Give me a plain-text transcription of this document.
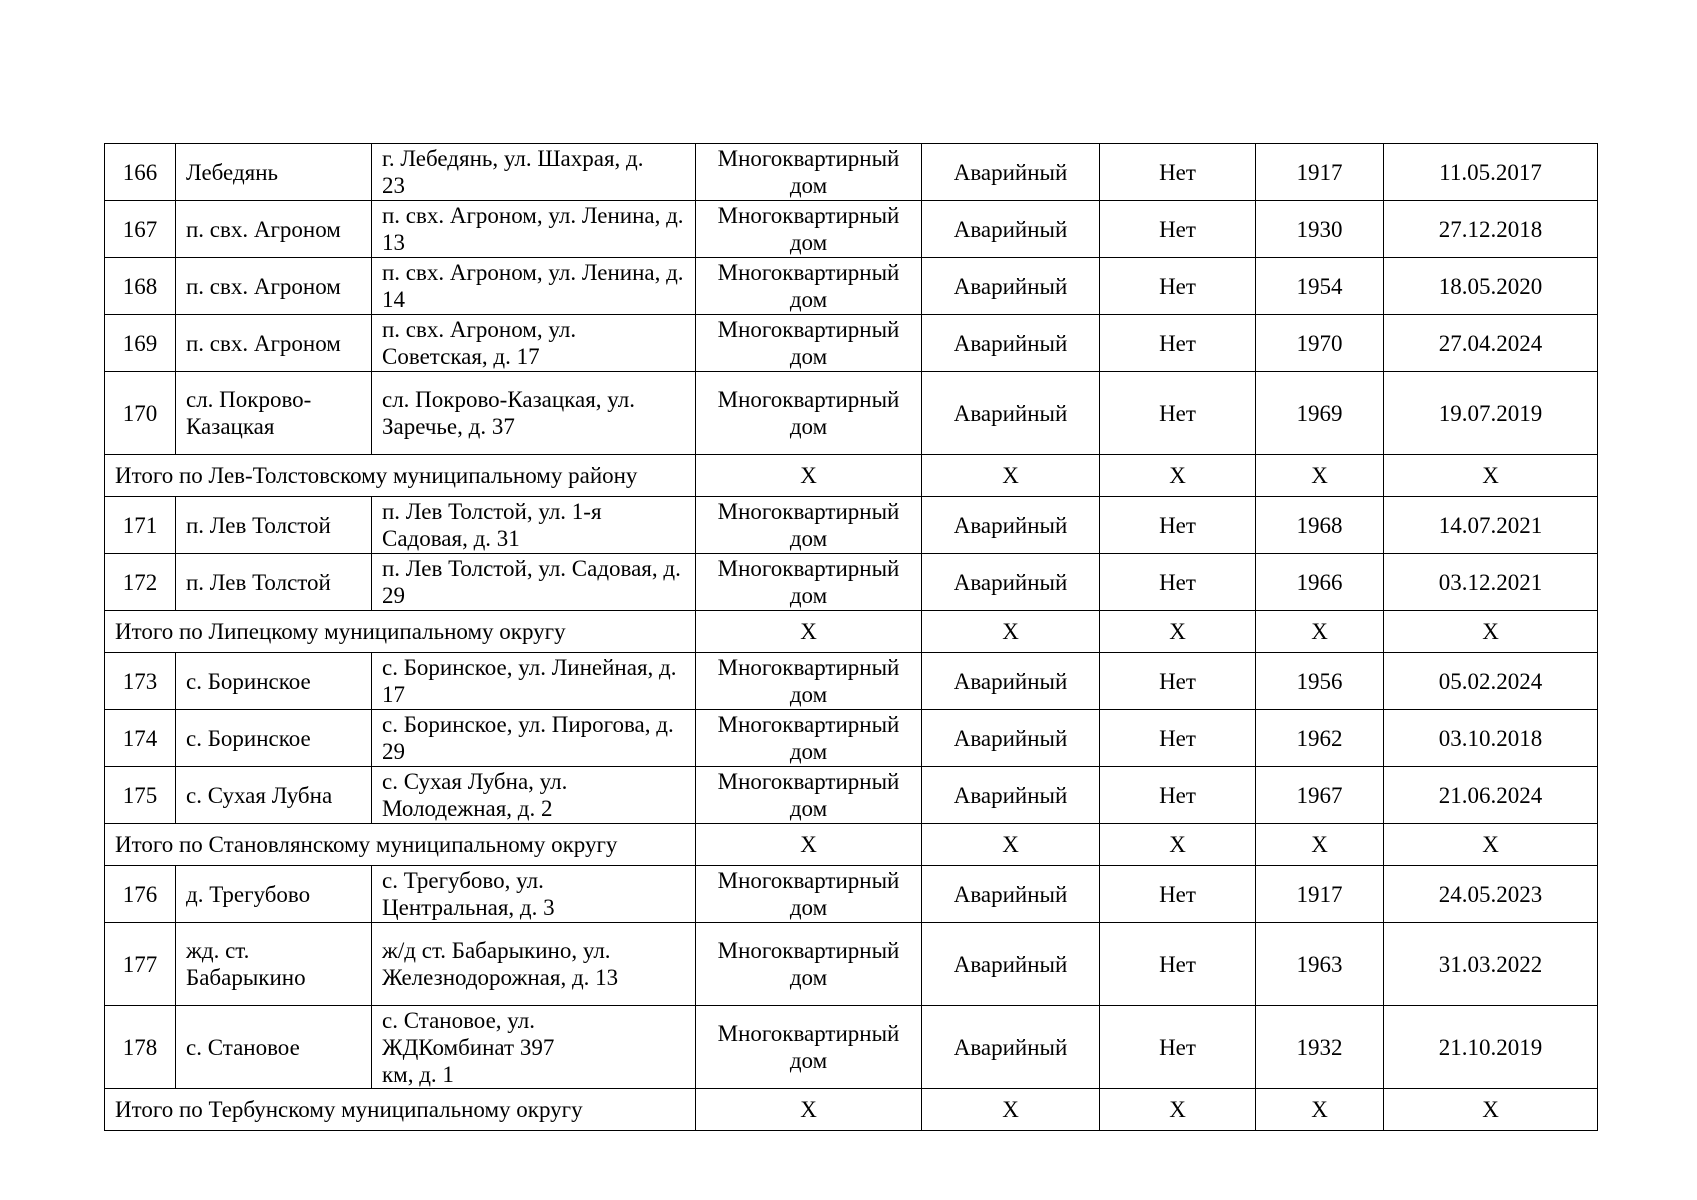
166	Лебедянь	г. Лебедянь, ул. Шахрая, д. 23	Многоквартирный дом	Аварийный	Нет	1917	11.05.2017
167	п. свх. Агроном	п. свх. Агроном, ул. Ленина, д. 13	Многоквартирный дом	Аварийный	Нет	1930	27.12.2018
168	п. свх. Агроном	п. свх. Агроном, ул. Ленина, д. 14	Многоквартирный дом	Аварийный	Нет	1954	18.05.2020
169	п. свх. Агроном	п. свх. Агроном, ул. Советская, д. 17	Многоквартирный дом	Аварийный	Нет	1970	27.04.2024
170	сл. Покрово-Казацкая	сл. Покрово-Казацкая, ул. Заречье, д. 37	Многоквартирный дом	Аварийный	Нет	1969	19.07.2019
Итого по Лев-Толстовскому муниципальному району			Х	Х	Х	Х	Х
171	п. Лев Толстой	п. Лев Толстой, ул. 1-я Садовая, д. 31	Многоквартирный дом	Аварийный	Нет	1968	14.07.2021
172	п. Лев Толстой	п. Лев Толстой, ул. Садовая, д. 29	Многоквартирный дом	Аварийный	Нет	1966	03.12.2021
Итого по Липецкому муниципальному округу			Х	Х	Х	Х	Х
173	с. Боринское	с. Боринское, ул. Линейная, д. 17	Многоквартирный дом	Аварийный	Нет	1956	05.02.2024
174	с. Боринское	с. Боринское, ул. Пирогова, д. 29	Многоквартирный дом	Аварийный	Нет	1962	03.10.2018
175	с. Сухая Лубна	с. Сухая Лубна, ул. Молодежная, д. 2	Многоквартирный дом	Аварийный	Нет	1967	21.06.2024
Итого по Становлянскому муниципальному округу			Х	Х	Х	Х	Х
176	д. Трегубово	с. Трегубово, ул. Центральная, д. 3	Многоквартирный дом	Аварийный	Нет	1917	24.05.2023
177	жд. ст. Бабарыкино	ж/д ст. Бабарыкино, ул. Железнодорожная, д. 13	Многоквартирный дом	Аварийный	Нет	1963	31.03.2022
178	с. Становое	с. Становое, ул. ЖДКомбинат 397 км, д. 1	Многоквартирный дом	Аварийный	Нет	1932	21.10.2019
Итого по Тербунскому муниципальному округу			Х	Х	Х	Х	Х
